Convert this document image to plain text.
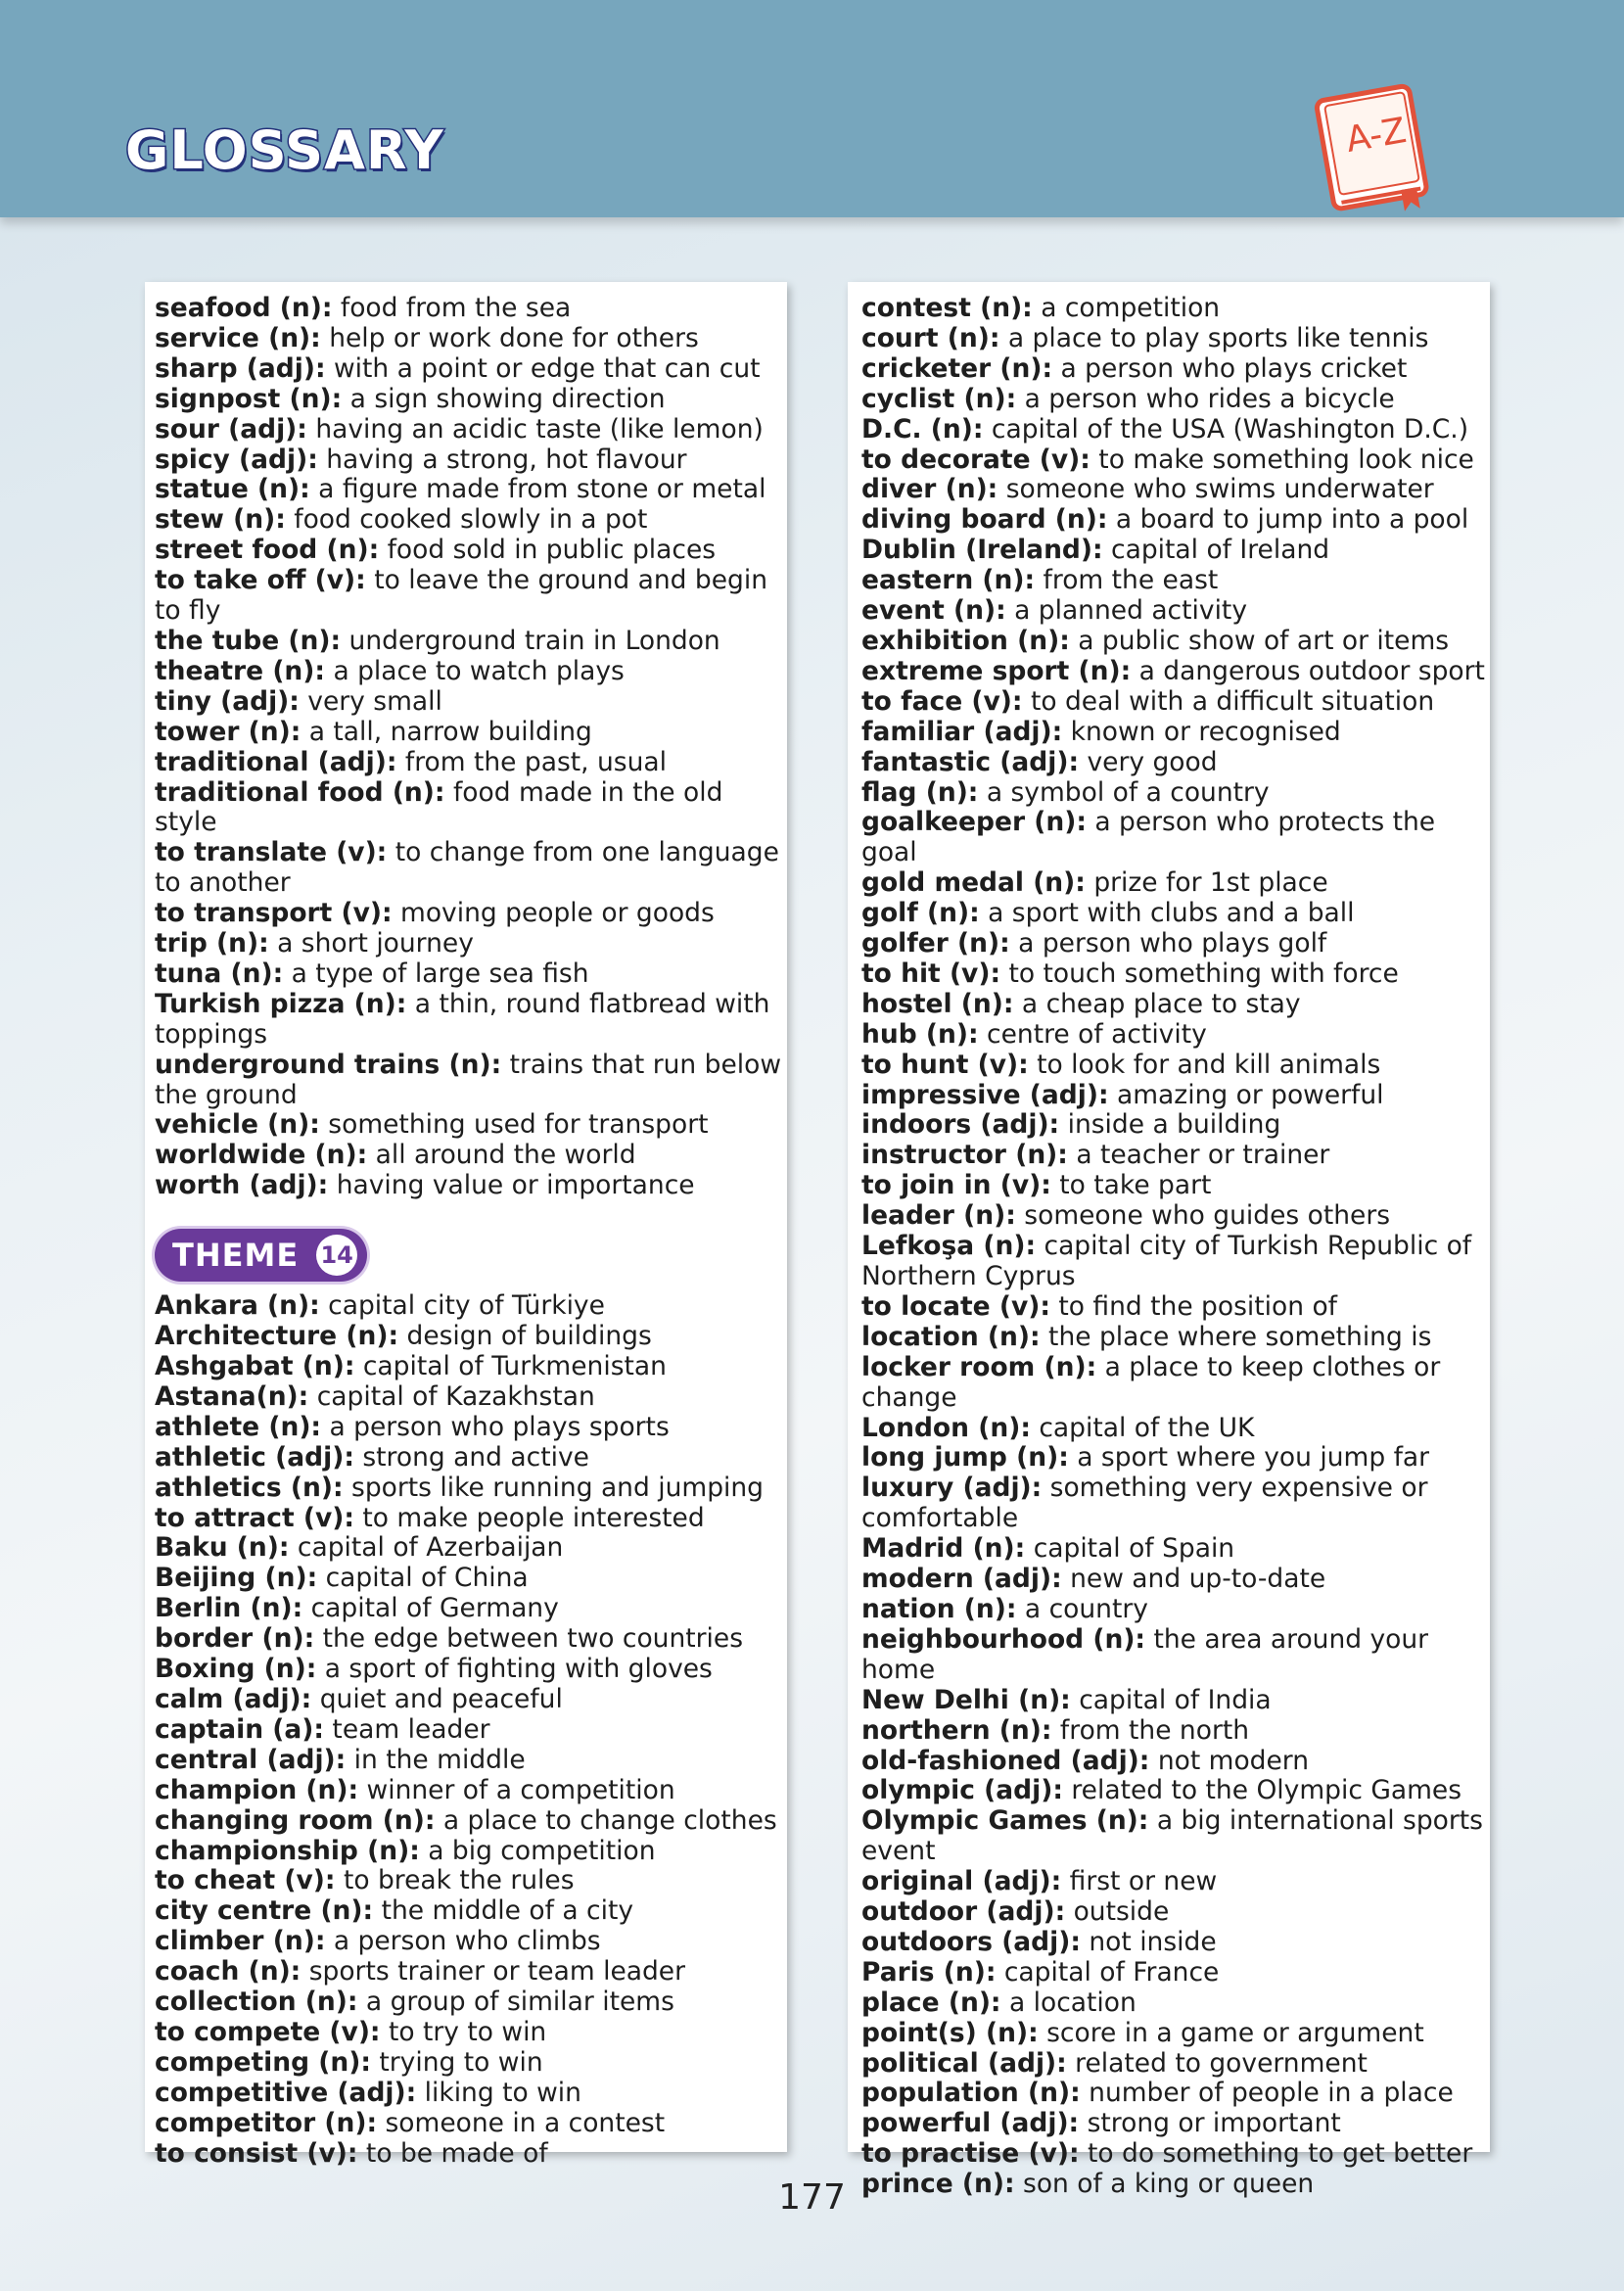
GLOSSARY	A-Z

seafood (n): food from the sea

service (n): help or work done for others

sharp (adj): with a point or edge that can cut

signpost (n): a sign showing direction

sour (adj): having an acidic taste (like lemon)

spicy (adj): having a strong, hot flavour

statue (n): a figure made from stone or metal

stew (n): food cooked slowly in a pot

street food (n): food sold in public places

to take off (v): to leave the ground and begin to fly

the tube (n): underground train in London

theatre (n): a place to watch plays

tiny (adj): very small

tower (n): a tall, narrow building

traditional (adj): from the past, usual

traditional food (n): food made in the old style

to translate (v): to change from one language to another

to transport (v): moving people or goods

trip (n): a short journey

tuna (n): a type of large sea fish

Turkish pizza (n): a thin, round flatbread with toppings

underground trains (n): trains that run below the ground

vehicle (n): something used for transport

worldwide (n): all around the world

worth (adj): having value or importance

THEME 14

Ankara (n): capital city of Türkiye

Architecture (n): design of buildings

Ashgabat (n): capital of Turkmenistan

Astana(n): capital of Kazakhstan

athlete (n): a person who plays sports

athletic (adj): strong and active

athletics (n): sports like running and jumping

to attract (v): to make people interested

Baku (n): capital of Azerbaijan

Beijing (n): capital of China

Berlin (n): capital of Germany

border (n): the edge between two countries

Boxing (n): a sport of fighting with gloves

calm (adj): quiet and peaceful

captain (a): team leader

central (adj): in the middle

champion (n): winner of a competition

changing room (n): a place to change clothes

championship (n): a big competition

to cheat (v): to break the rules

city centre (n): the middle of a city

climber (n): a person who climbs

coach (n): sports trainer or team leader

collection (n): a group of similar items

to compete (v): to try to win

competing (n): trying to win

competitive (adj): liking to win

competitor (n): someone in a contest

to consist (v): to be made of

contest (n): a competition

court (n): a place to play sports like tennis

cricketer (n): a person who plays cricket

cyclist (n): a person who rides a bicycle

D.C. (n): capital of the USA (Washington D.C.)

to decorate (v): to make something look nice

diver (n): someone who swims underwater

diving board (n): a board to jump into a pool

Dublin (Ireland): capital of Ireland

eastern (n): from the east

event (n): a planned activity

exhibition (n): a public show of art or items

extreme sport (n): a dangerous outdoor sport

to face (v): to deal with a difficult situation

familiar (adj): known or recognised

fantastic (adj): very good

flag (n): a symbol of a country

goalkeeper (n): a person who protects the goal

gold medal (n): prize for 1st place

golf (n): a sport with clubs and a ball

golfer (n): a person who plays golf

to hit (v): to touch something with force

hostel (n): a cheap place to stay

hub (n): centre of activity

to hunt (v): to look for and kill animals

impressive (adj): amazing or powerful

indoors (adj): inside a building

instructor (n): a teacher or trainer

to join in (v): to take part

leader (n): someone who guides others

Lefkoşa (n): capital city of Turkish Republic of Northern Cyprus

to locate (v): to find the position of

location (n): the place where something is

locker room (n): a place to keep clothes or change

London (n): capital of the UK

long jump (n): a sport where you jump far

luxury (adj): something very expensive or comfortable

Madrid (n): capital of Spain

modern (adj): new and up-to-date

nation (n): a country

neighbourhood (n): the area around your home

New Delhi (n): capital of India

northern (n): from the north

old-fashioned (adj): not modern

olympic (adj): related to the Olympic Games

Olympic Games (n): a big international sports event

original (adj): first or new

outdoor (adj): outside

outdoors (adj): not inside

Paris (n): capital of France

place (n): a location

point(s) (n): score in a game or argument

political (adj): related to government

population (n): number of people in a place

powerful (adj): strong or important

to practise (v): to do something to get better

prince (n): son of a king or queen

177
